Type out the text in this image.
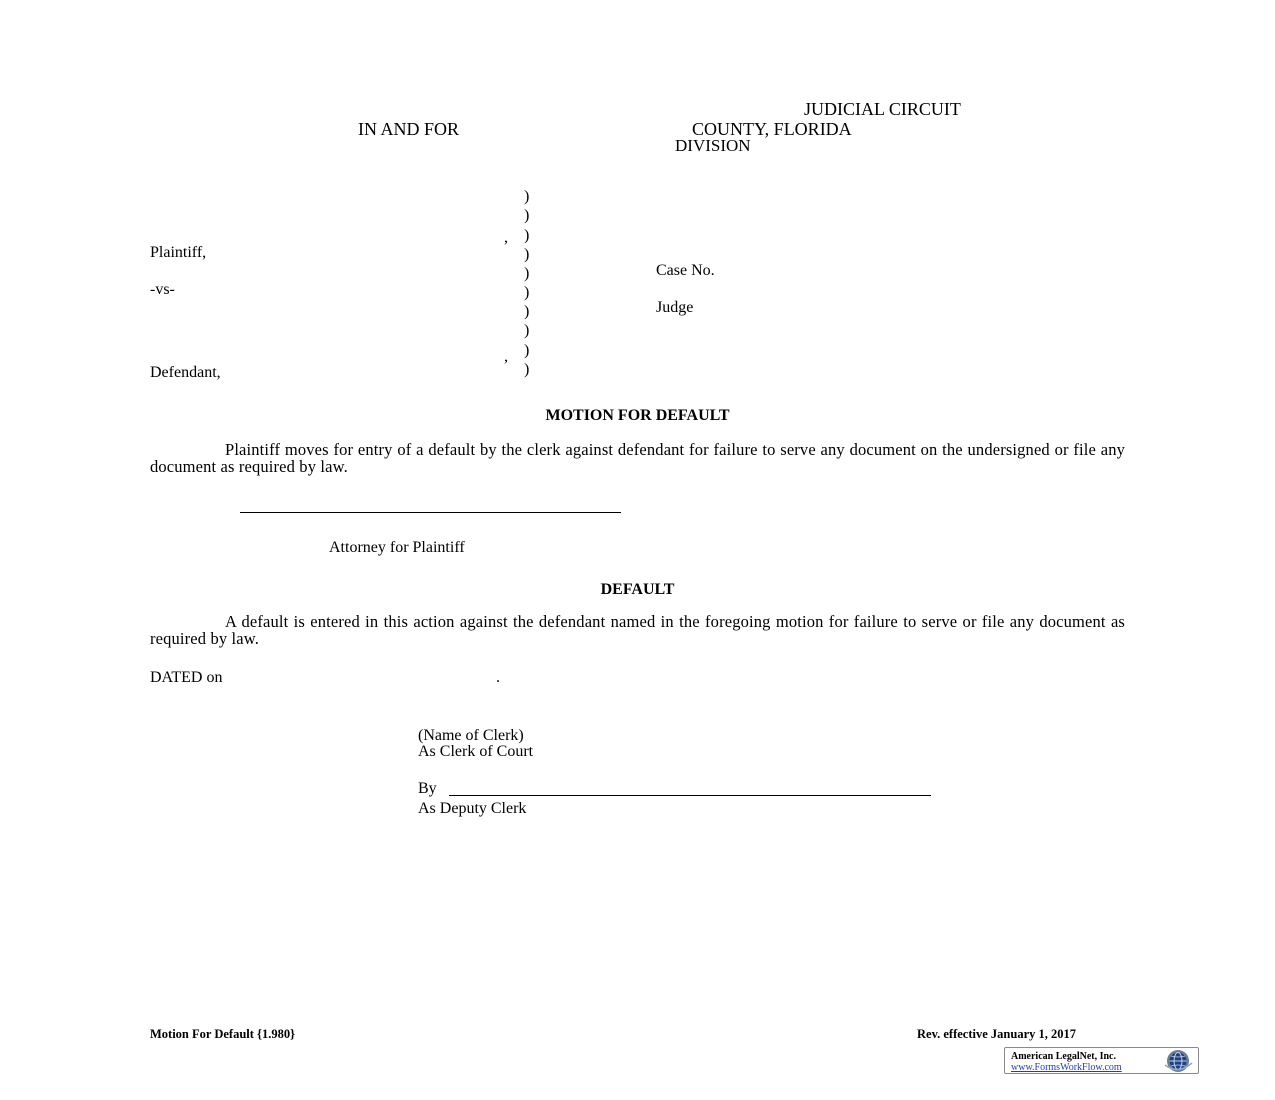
JUDICIAL CIRCUIT
IN AND FOR	COUNTY, FLORIDA
DIVISION
)
)
)
)
)
)
)
)
)
)
,
Plaintiff,
-vs-
,
Defendant,
Case No.
Judge
MOTION FOR DEFAULT
Plaintiff moves for entry of a default by the clerk against defendant for failure to serve any document on the undersigned or file any document as required by law.
Attorney for Plaintiff
DEFAULT
A default is entered in this action against the defendant named in the foregoing motion for failure to serve or file any document as required by law.
DATED on	.
(Name of Clerk)
As Clerk of Court
By
As Deputy Clerk
Motion For Default {1.980}	Rev. effective January 1, 2017
American LegalNet, Inc.
www.FormsWorkFlow.com
